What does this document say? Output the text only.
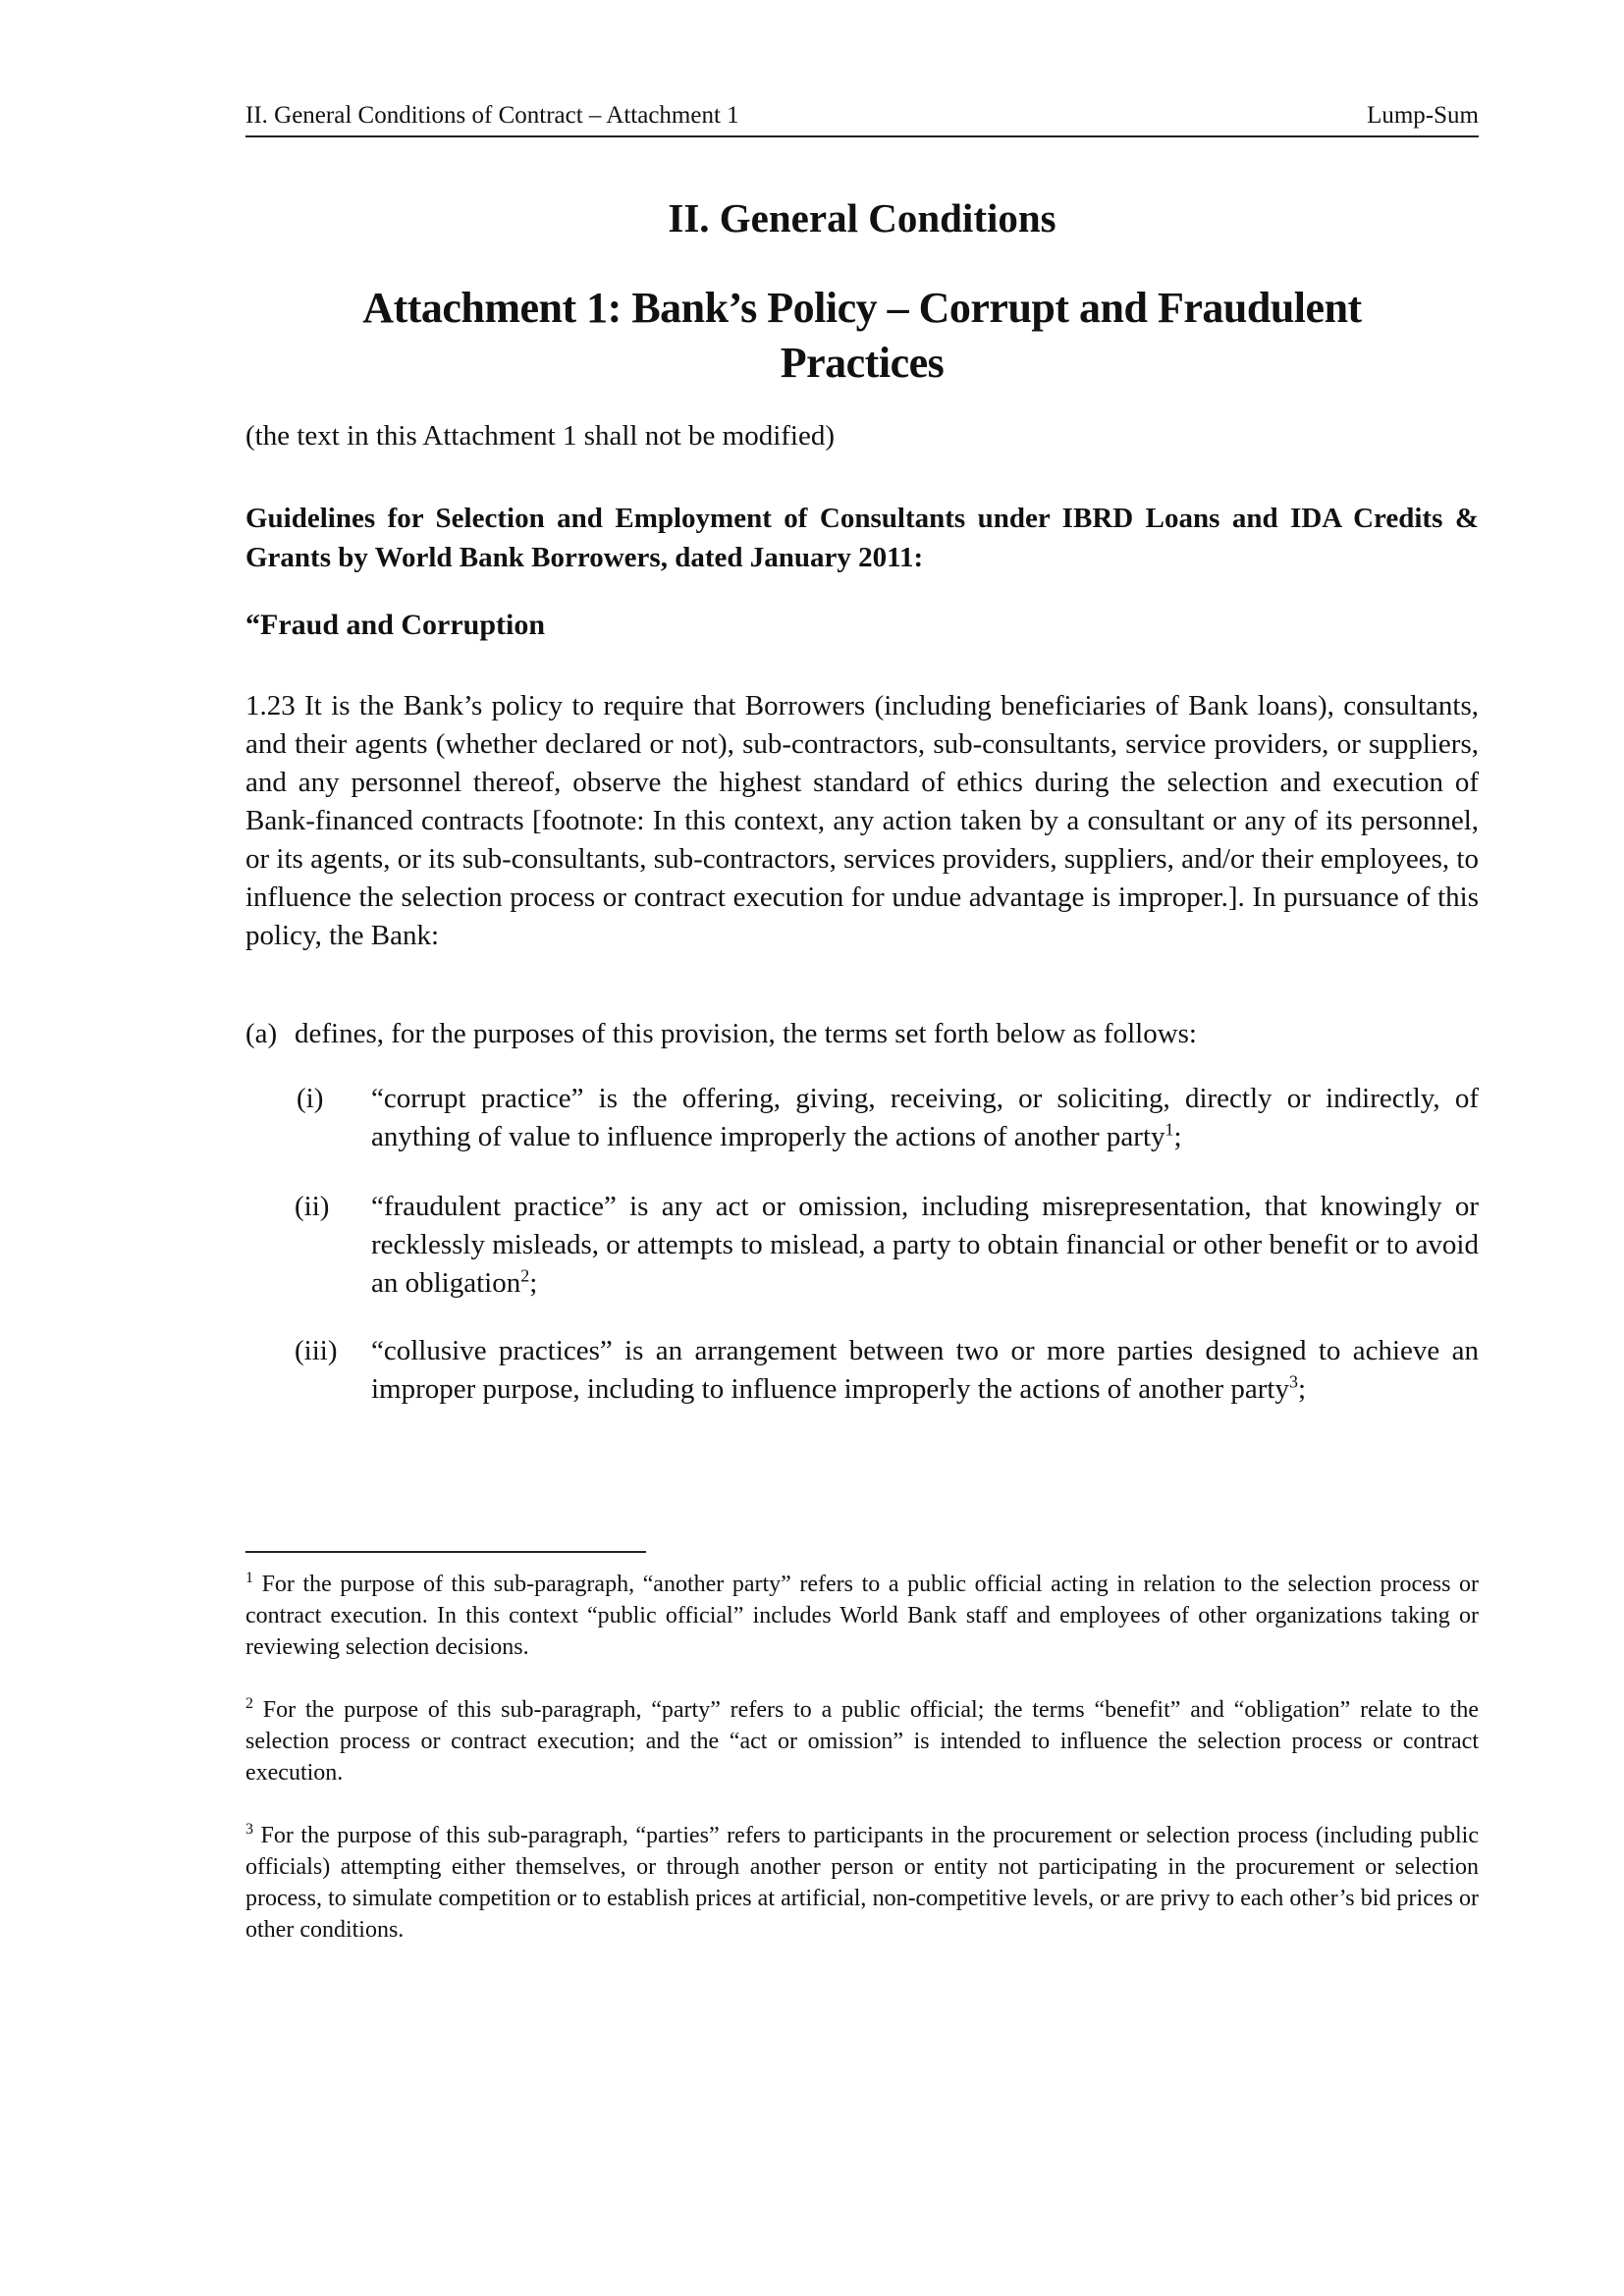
II. General Conditions of Contract – Attachment 1	Lump-Sum
II. General Conditions
Attachment 1: Bank’s Policy – Corrupt and Fraudulent Practices
(the text in this Attachment 1 shall not be modified)
Guidelines for Selection and Employment of Consultants under IBRD Loans and IDA Credits & Grants by World Bank Borrowers, dated January 2011:
“Fraud and Corruption
1.23 It is the Bank’s policy to require that Borrowers (including beneficiaries of Bank loans), consultants, and their agents (whether declared or not), sub-contractors, sub-consultants, service providers, or suppliers, and any personnel thereof, observe the highest standard of ethics during the selection and execution of Bank-financed contracts [footnote: In this context, any action taken by a consultant or any of its personnel, or its agents, or its sub-consultants, sub-contractors, services providers, suppliers, and/or their employees, to influence the selection process or contract execution for undue advantage is improper.]. In pursuance of this policy, the Bank:
(a) defines, for the purposes of this provision, the terms set forth below as follows:
(i) “corrupt practice” is the offering, giving, receiving, or soliciting, directly or indirectly, of anything of value to influence improperly the actions of another party$^1$;
(ii) “fraudulent practice” is any act or omission, including misrepresentation, that knowingly or recklessly misleads, or attempts to mislead, a party to obtain financial or other benefit or to avoid an obligation$^2$;
(iii) “collusive practices” is an arrangement between two or more parties designed to achieve an improper purpose, including to influence improperly the actions of another party$^3$;
$^1$ For the purpose of this sub-paragraph, “another party” refers to a public official acting in relation to the selection process or contract execution. In this context “public official” includes World Bank staff and employees of other organizations taking or reviewing selection decisions.
$^2$ For the purpose of this sub-paragraph, “party” refers to a public official; the terms “benefit” and “obligation” relate to the selection process or contract execution; and the “act or omission” is intended to influence the selection process or contract execution.
$^3$ For the purpose of this sub-paragraph, “parties” refers to participants in the procurement or selection process (including public officials) attempting either themselves, or through another person or entity not participating in the procurement or selection process, to simulate competition or to establish prices at artificial, non-competitive levels, or are privy to each other’s bid prices or other conditions.
